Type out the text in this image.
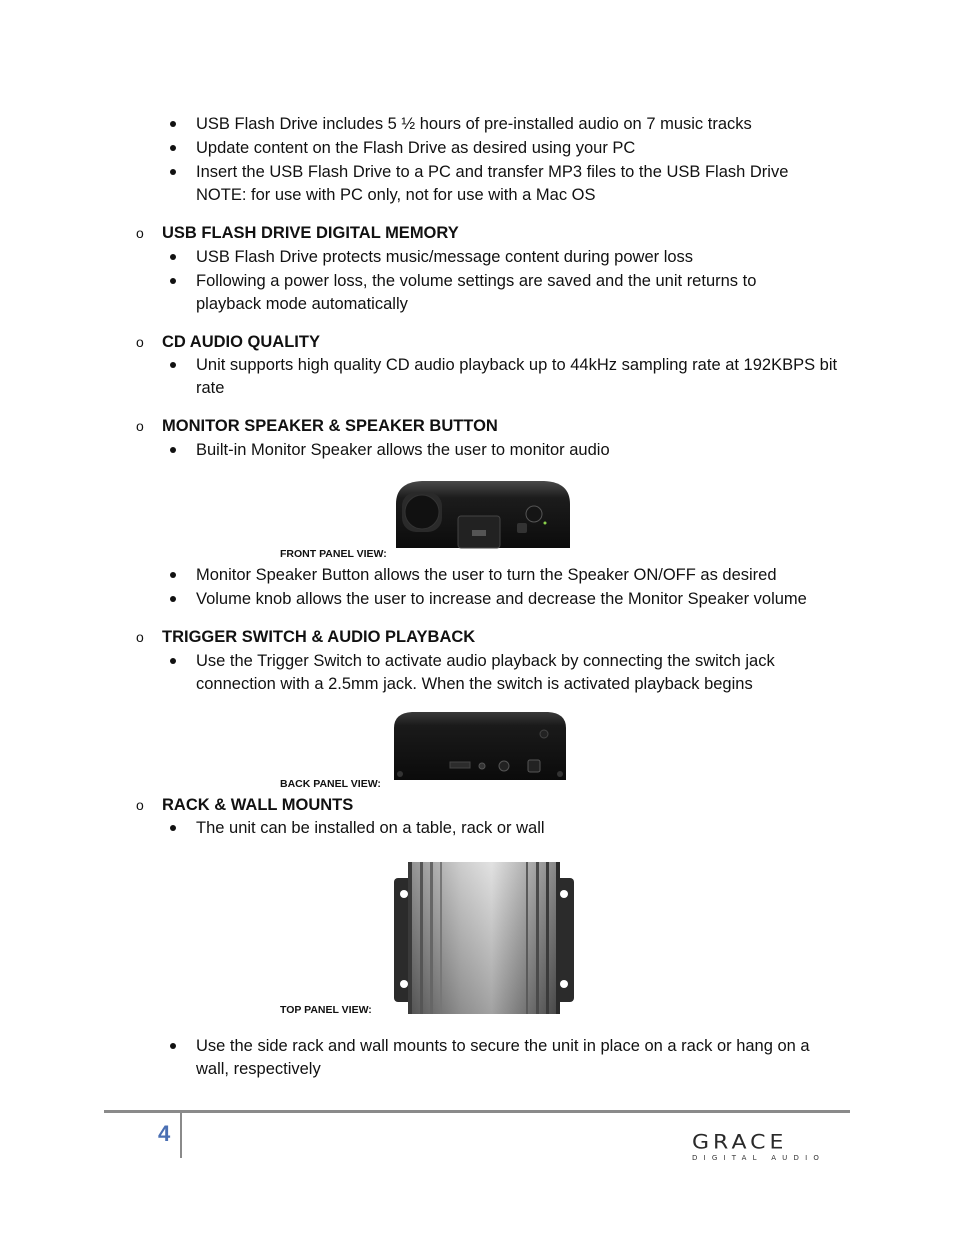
USB Flash Drive includes 5 ½ hours of pre-installed audio on 7 music tracks
Update content on the Flash Drive as desired using your PC
Insert the USB Flash Drive to a PC and transfer MP3 files to the USB Flash Drive NOTE: for use with PC only, not for use with a Mac OS
o USB FLASH DRIVE DIGITAL MEMORY
USB Flash Drive protects music/message content during power loss
Following a power loss, the volume settings are saved and the unit returns to playback mode automatically
o CD AUDIO QUALITY
Unit supports high quality CD audio playback up to 44kHz sampling rate at 192KBPS bit rate
o MONITOR SPEAKER & SPEAKER BUTTON
Built-in Monitor Speaker allows the user to monitor audio
FRONT PANEL VIEW:
Monitor Speaker Button allows the user to turn the Speaker ON/OFF as desired
Volume knob allows the user to increase and decrease the Monitor Speaker volume
o TRIGGER SWITCH & AUDIO PLAYBACK
Use the Trigger Switch to activate audio playback by connecting the switch jack connection with a 2.5mm jack. When the switch is activated playback begins
BACK PANEL VIEW:
o RACK & WALL MOUNTS
The unit can be installed on a table, rack or wall
TOP PANEL VIEW:
Use the side rack and wall mounts to secure the unit in place on a rack or hang on a wall, respectively
4	GRACE
DIGITAL AUDIO
